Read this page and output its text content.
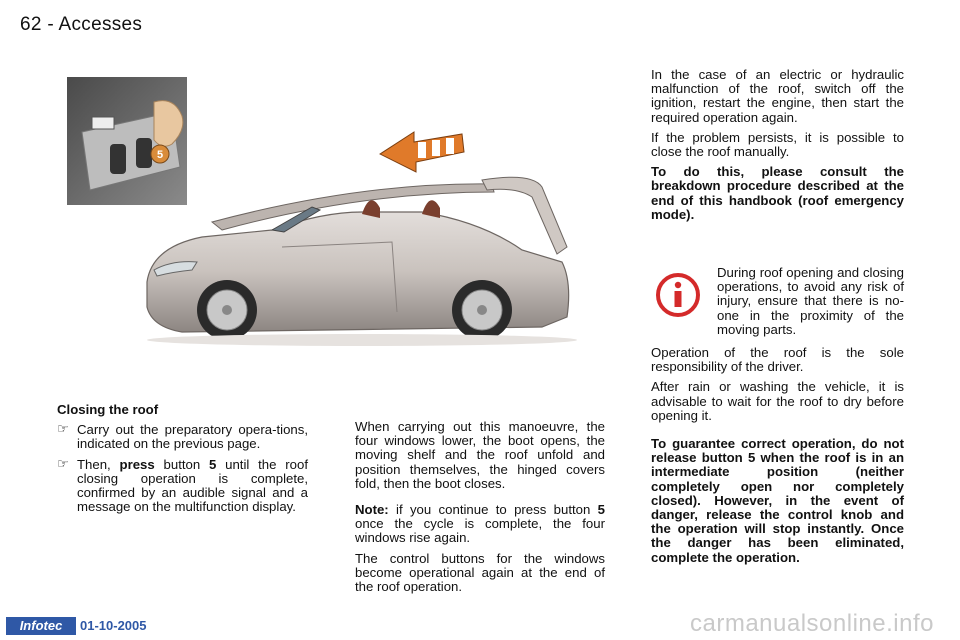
62 - Accesses
5

Closing the roof

☞ Carry out the preparatory opera-tions, indicated on the previous page.
☞ Then, press button 5 until the roof closing operation is complete, confirmed by an audible signal and a message on the multifunction display.

When carrying out this manoeuvre, the four windows lower, the boot opens, the moving shelf and the roof unfold and position themselves, the hinged covers fold, then the boot closes.

Note: if you continue to press button 5 once the cycle is complete, the four windows rise again.

The control buttons for the windows become operational again at the end of the roof operation.

In the case of an electric or hydraulic malfunction of the roof, switch off the ignition, restart the engine, then start the required operation again.

If the problem persists, it is possible to close the roof manually.

To do this, please consult the breakdown procedure described at the end of this handbook (roof emergency mode).

During roof opening and closing operations, to avoid any risk of injury, ensure that there is no-one in the proximity of the moving parts.

Operation of the roof is the sole responsibility of the driver.

After rain or washing the vehicle, it is advisable to wait for the roof to dry before opening it.

To guarantee correct operation, do not release button 5 when the roof is in an intermediate position (neither completely open nor completely closed). However, in the event of danger, release the control knob and the operation will stop instantly. Once the danger has been eliminated, complete the operation.

Infotec	01-10-2005	carmanualsonline.info
